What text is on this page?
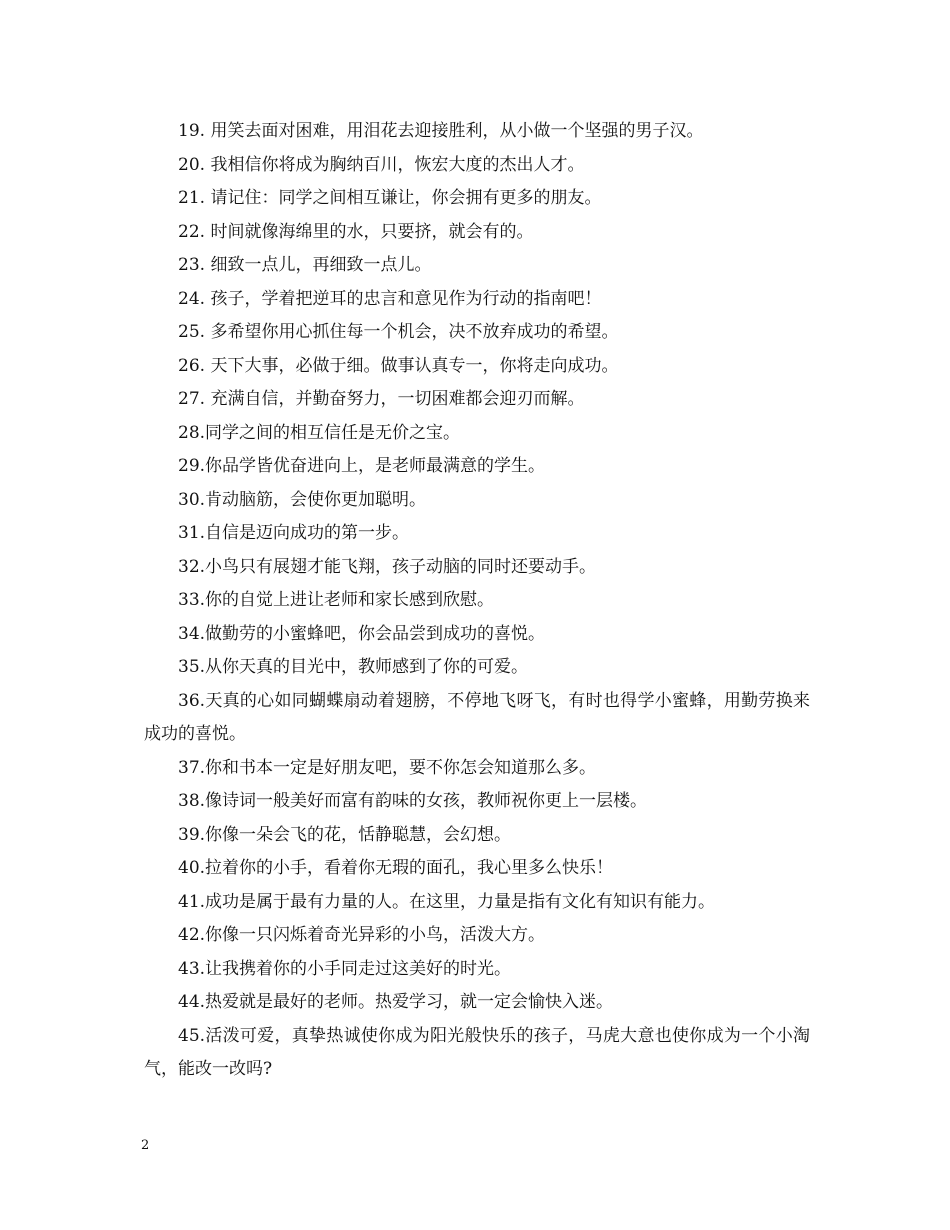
19. 用笑去面对困难，用泪花去迎接胜利，从小做一个坚强的男子汉。

20. 我相信你将成为胸纳百川，恢宏大度的杰出人才。

21. 请记住：同学之间相互谦让，你会拥有更多的朋友。

22. 时间就像海绵里的水，只要挤，就会有的。

23. 细致一点儿，再细致一点儿。

24. 孩子，学着把逆耳的忠言和意见作为行动的指南吧！

25. 多希望你用心抓住每一个机会，决不放弃成功的希望。

26. 天下大事，必做于细。做事认真专一，你将走向成功。

27. 充满自信，并勤奋努力，一切困难都会迎刃而解。

28.同学之间的相互信任是无价之宝。

29.你品学皆优奋进向上，是老师最满意的学生。

30.肯动脑筋，会使你更加聪明。

31.自信是迈向成功的第一步。

32.小鸟只有展翅才能飞翔，孩子动脑的同时还要动手。

33.你的自觉上进让老师和家长感到欣慰。

34.做勤劳的小蜜蜂吧，你会品尝到成功的喜悦。

35.从你天真的目光中，教师感到了你的可爱。

36.天真的心如同蝴蝶扇动着翅膀，不停地飞呀飞，有时也得学小蜜蜂，用勤劳换来成功的喜悦。

37.你和书本一定是好朋友吧，要不你怎会知道那么多。

38.像诗词一般美好而富有韵味的女孩，教师祝你更上一层楼。

39.你像一朵会飞的花，恬静聪慧，会幻想。

40.拉着你的小手，看着你无瑕的面孔，我心里多么快乐！

41.成功是属于最有力量的人。在这里，力量是指有文化有知识有能力。

42.你像一只闪烁着奇光异彩的小鸟，活泼大方。

43.让我携着你的小手同走过这美好的时光。

44.热爱就是最好的老师。热爱学习，就一定会愉快入迷。

45.活泼可爱，真挚热诚使你成为阳光般快乐的孩子，马虎大意也使你成为一个小淘气，能改一改吗?

2
